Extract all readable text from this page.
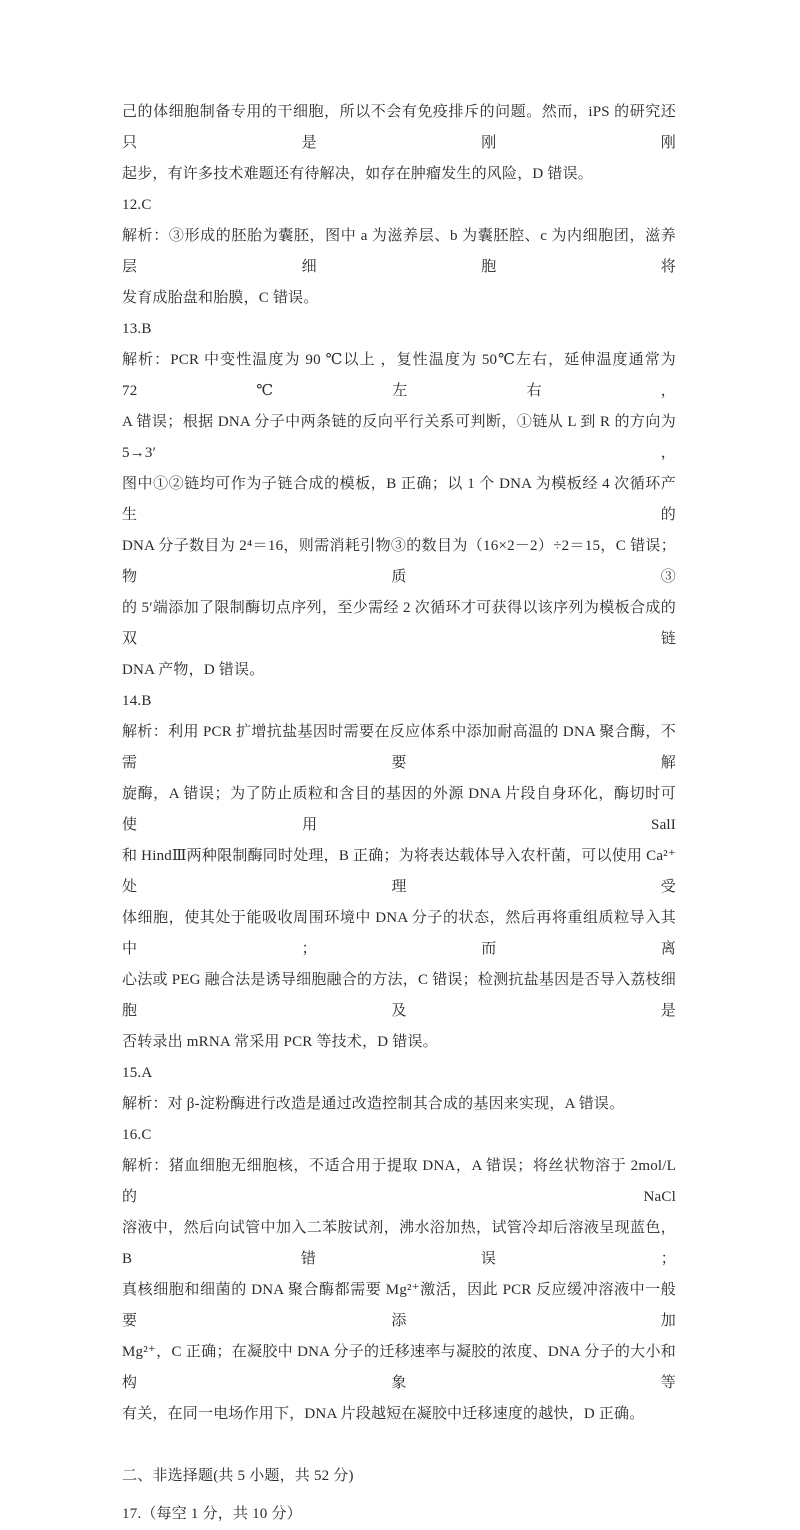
己的体细胞制备专用的干细胞，所以不会有免疫排斥的问题。然而，iPS 的研究还只是刚刚
起步，有许多技术难题还有待解决，如存在肿瘤发生的风险，D 错误。
12.C
解析：③形成的胚胎为囊胚，图中 a 为滋养层、b 为囊胚腔、c 为内细胞团，滋养层细胞将
发育成胎盘和胎膜，C 错误。
13.B
解析：PCR 中变性温度为 90 ℃以上 ，复性温度为 50℃左右，延伸温度通常为 72℃左右，
A 错误；根据 DNA 分子中两条链的反向平行关系可判断，①链从 L 到 R 的方向为 5→3′，
图中①②链均可作为子链合成的模板，B 正确；以 1 个 DNA 为模板经 4 次循环产生的
DNA 分子数目为 2⁴＝16，则需消耗引物③的数目为（16×2－2）÷2＝15，C 错误；物质③
的 5′端添加了限制酶切点序列，至少需经 2 次循环才可获得以该序列为模板合成的双链
DNA 产物，D 错误。
14.B
解析：利用 PCR 扩增抗盐基因时需要在反应体系中添加耐高温的 DNA 聚合酶，不需要解
旋酶，A 错误；为了防止质粒和含目的基因的外源 DNA 片段自身环化，酶切时可使用 SalI
和 HindⅢ两种限制酶同时处理，B 正确；为将表达载体导入农杆菌，可以使用 Ca²⁺处理受
体细胞，使其处于能吸收周围环境中 DNA 分子的状态，然后再将重组质粒导入其中；而离
心法或 PEG 融合法是诱导细胞融合的方法，C 错误；检测抗盐基因是否导入荔枝细胞及是
否转录出 mRNA 常采用 PCR 等技术，D 错误。
15.A
解析：对 β-淀粉酶进行改造是通过改造控制其合成的基因来实现，A 错误。
16.C
解析：猪血细胞无细胞核，不适合用于提取 DNA，A 错误；将丝状物溶于 2mol/L 的 NaCl
溶液中，然后向试管中加入二苯胺试剂，沸水浴加热，试管冷却后溶液呈现蓝色，B 错误；
真核细胞和细菌的 DNA 聚合酶都需要 Mg²⁺激活，因此 PCR 反应缓冲溶液中一般要添加
Mg²⁺，C 正确；在凝胶中 DNA 分子的迁移速率与凝胶的浓度、DNA 分子的大小和构象等
有关，在同一电场作用下，DNA 片段越短在凝胶中迁移速度的越快，D 正确。
二、非选择题(共 5 小题，共 52 分)
17.（每空 1 分，共 10 分）
